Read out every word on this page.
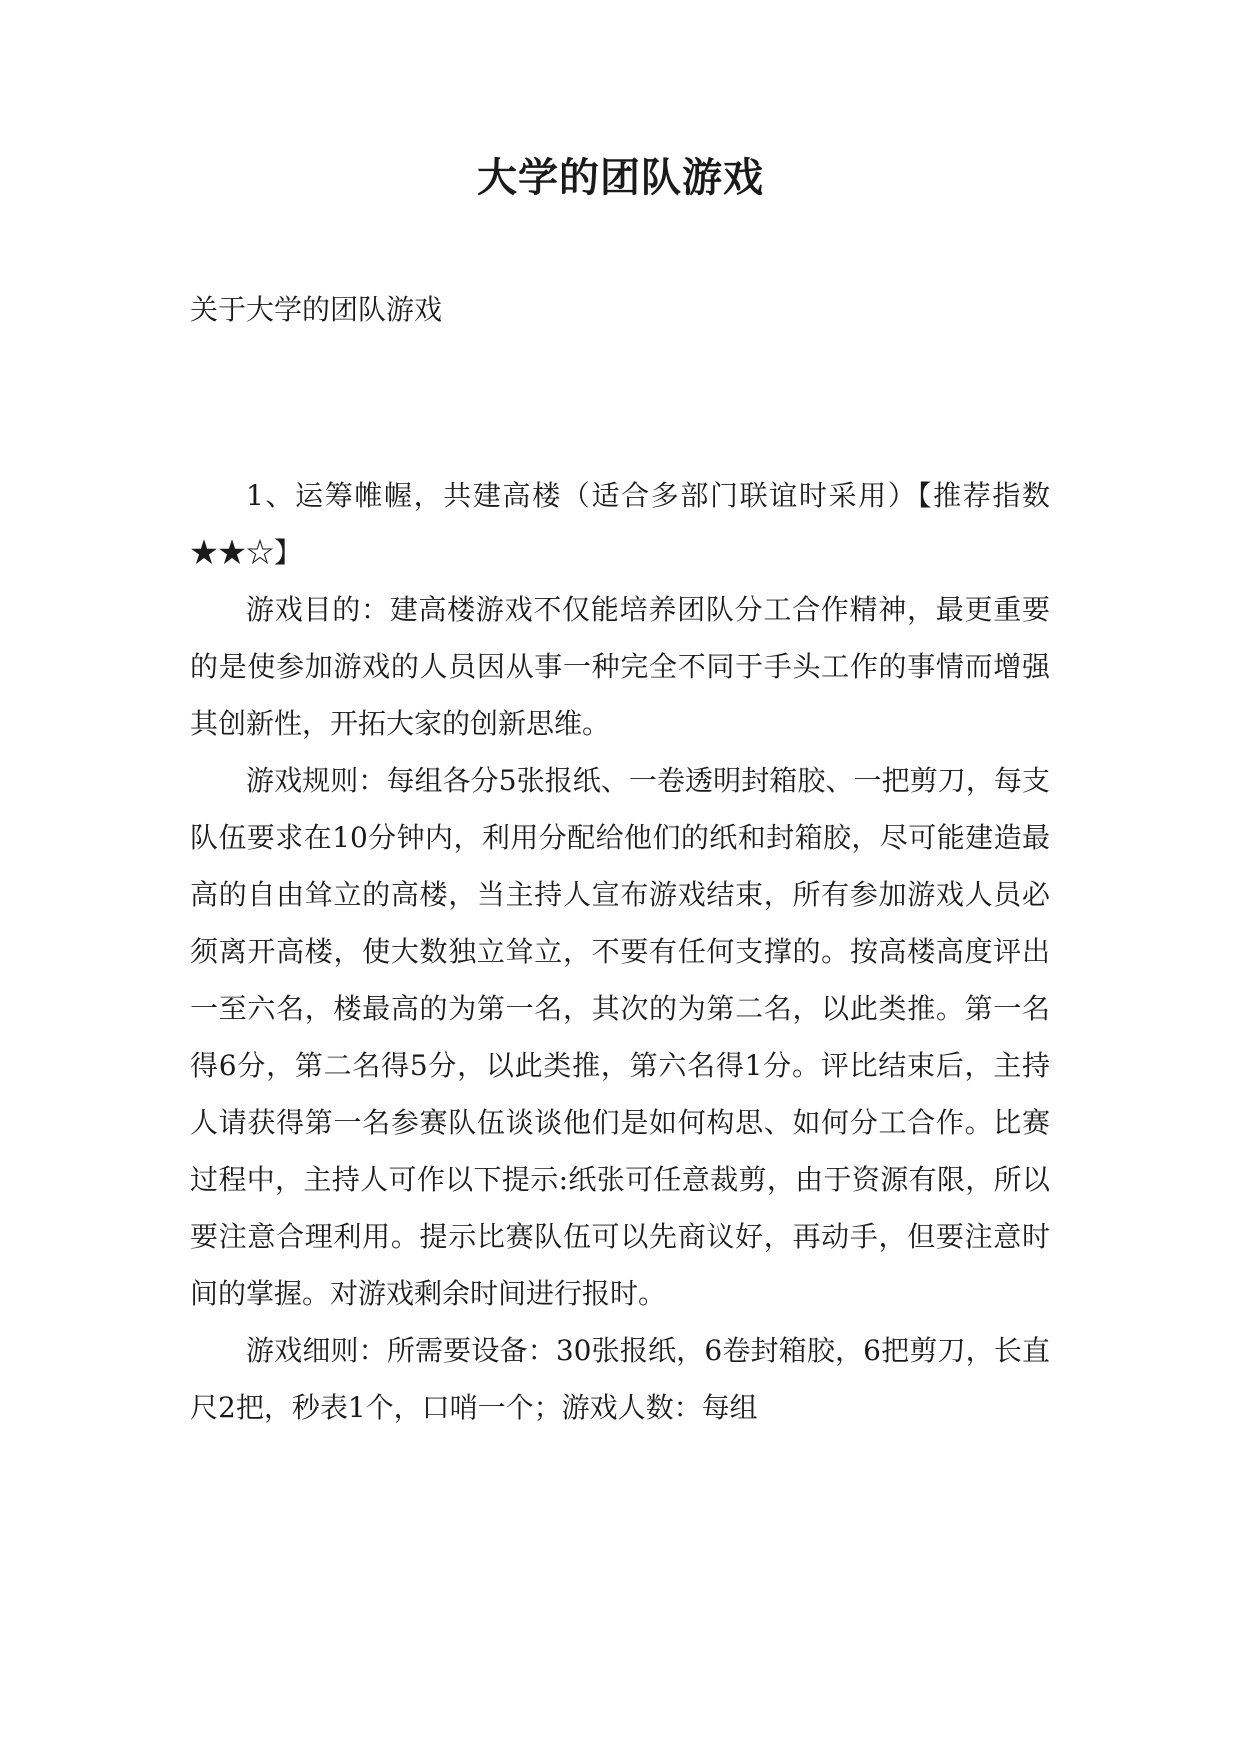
大学的团队游戏
关于大学的团队游戏

1、运筹帷幄，共建高楼（适合多部门联谊时采用）【推荐指数★★☆】

游戏目的：建高楼游戏不仅能培养团队分工合作精神，最更重要的是使参加游戏的人员因从事一种完全不同于手头工作的事情而增强其创新性，开拓大家的创新思维。

游戏规则：每组各分5张报纸、一卷透明封箱胶、一把剪刀，每支队伍要求在10分钟内，利用分配给他们的纸和封箱胶，尽可能建造最高的自由耸立的高楼，当主持人宣布游戏结束，所有参加游戏人员必须离开高楼，使大数独立耸立，不要有任何支撑的。按高楼高度评出一至六名，楼最高的为第一名，其次的为第二名，以此类推。第一名得6分，第二名得5分，以此类推，第六名得1分。评比结束后，主持人请获得第一名参赛队伍谈谈他们是如何构思、如何分工合作。比赛过程中，主持人可作以下提示:纸张可任意裁剪，由于资源有限，所以要注意合理利用。提示比赛队伍可以先商议好，再动手，但要注意时间的掌握。对游戏剩余时间进行报时。

游戏细则：所需要设备：30张报纸，6卷封箱胶，6把剪刀，长直尺2把，秒表1个，口哨一个；游戏人数：每组
